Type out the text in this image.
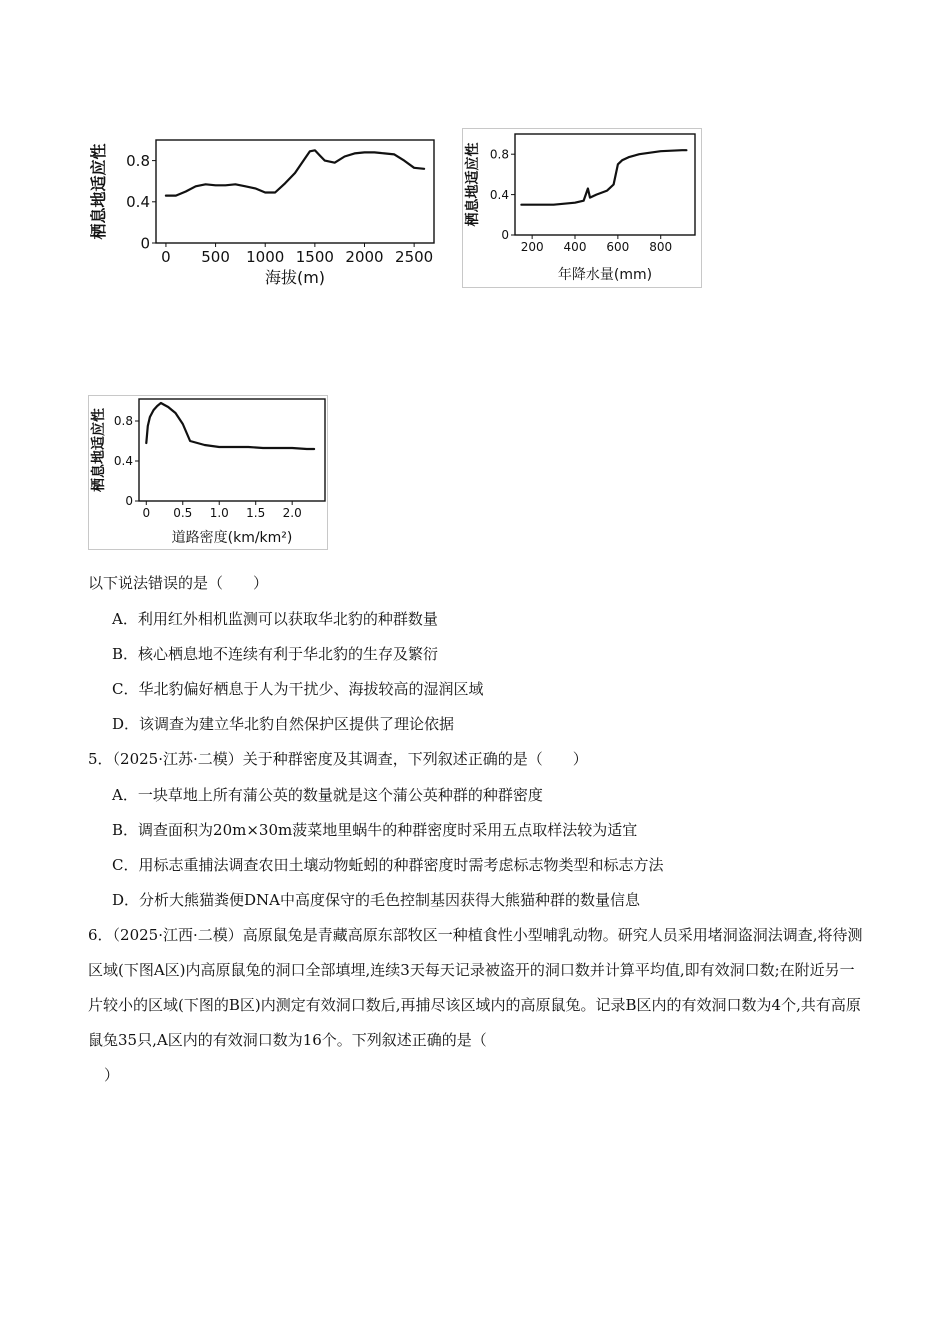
0
0.4
0.8
0 500 1000 1500 2000 2500
栖息地适应性
海拔(m)
0
0.4
0.8
200 400 600 800
栖息地适应性
年降水量(mm)
0
0.4
0.8
0 0.5 1.0 1.5 2.0
栖息地适应性
道路密度(km/km²)
以下说法错误的是（　　）
A．利用红外相机监测可以获取华北豹的种群数量
B．核心栖息地不连续有利于华北豹的生存及繁衍
C．华北豹偏好栖息于人为干扰少、海拔较高的湿润区域
D．该调查为建立华北豹自然保护区提供了理论依据
5．（2025·江苏·二模）关于种群密度及其调查，下列叙述正确的是（　　）
A．一块草地上所有蒲公英的数量就是这个蒲公英种群的种群密度
B．调查面积为20m×30m菠菜地里蜗牛的种群密度时采用五点取样法较为适宜
C．用标志重捕法调查农田土壤动物蚯蚓的种群密度时需考虑标志物类型和标志方法
D．分析大熊猫粪便DNA中高度保守的毛色控制基因获得大熊猫种群的数量信息
6．（2025·江西·二模）高原鼠兔是青藏高原东部牧区一种植食性小型哺乳动物。研究人员采用堵洞盗洞法调查,将待测区域(下图A区)内高原鼠兔的洞口全部填埋,连续3天每天记录被盗开的洞口数并计算平均值,即有效洞口数;在附近另一片较小的区域(下图的B区)内测定有效洞口数后,再捕尽该区域内的高原鼠兔。记录B区内的有效洞口数为4个,共有高原鼠兔35只,A区内的有效洞口数为16个。下列叙述正确的是（
）
